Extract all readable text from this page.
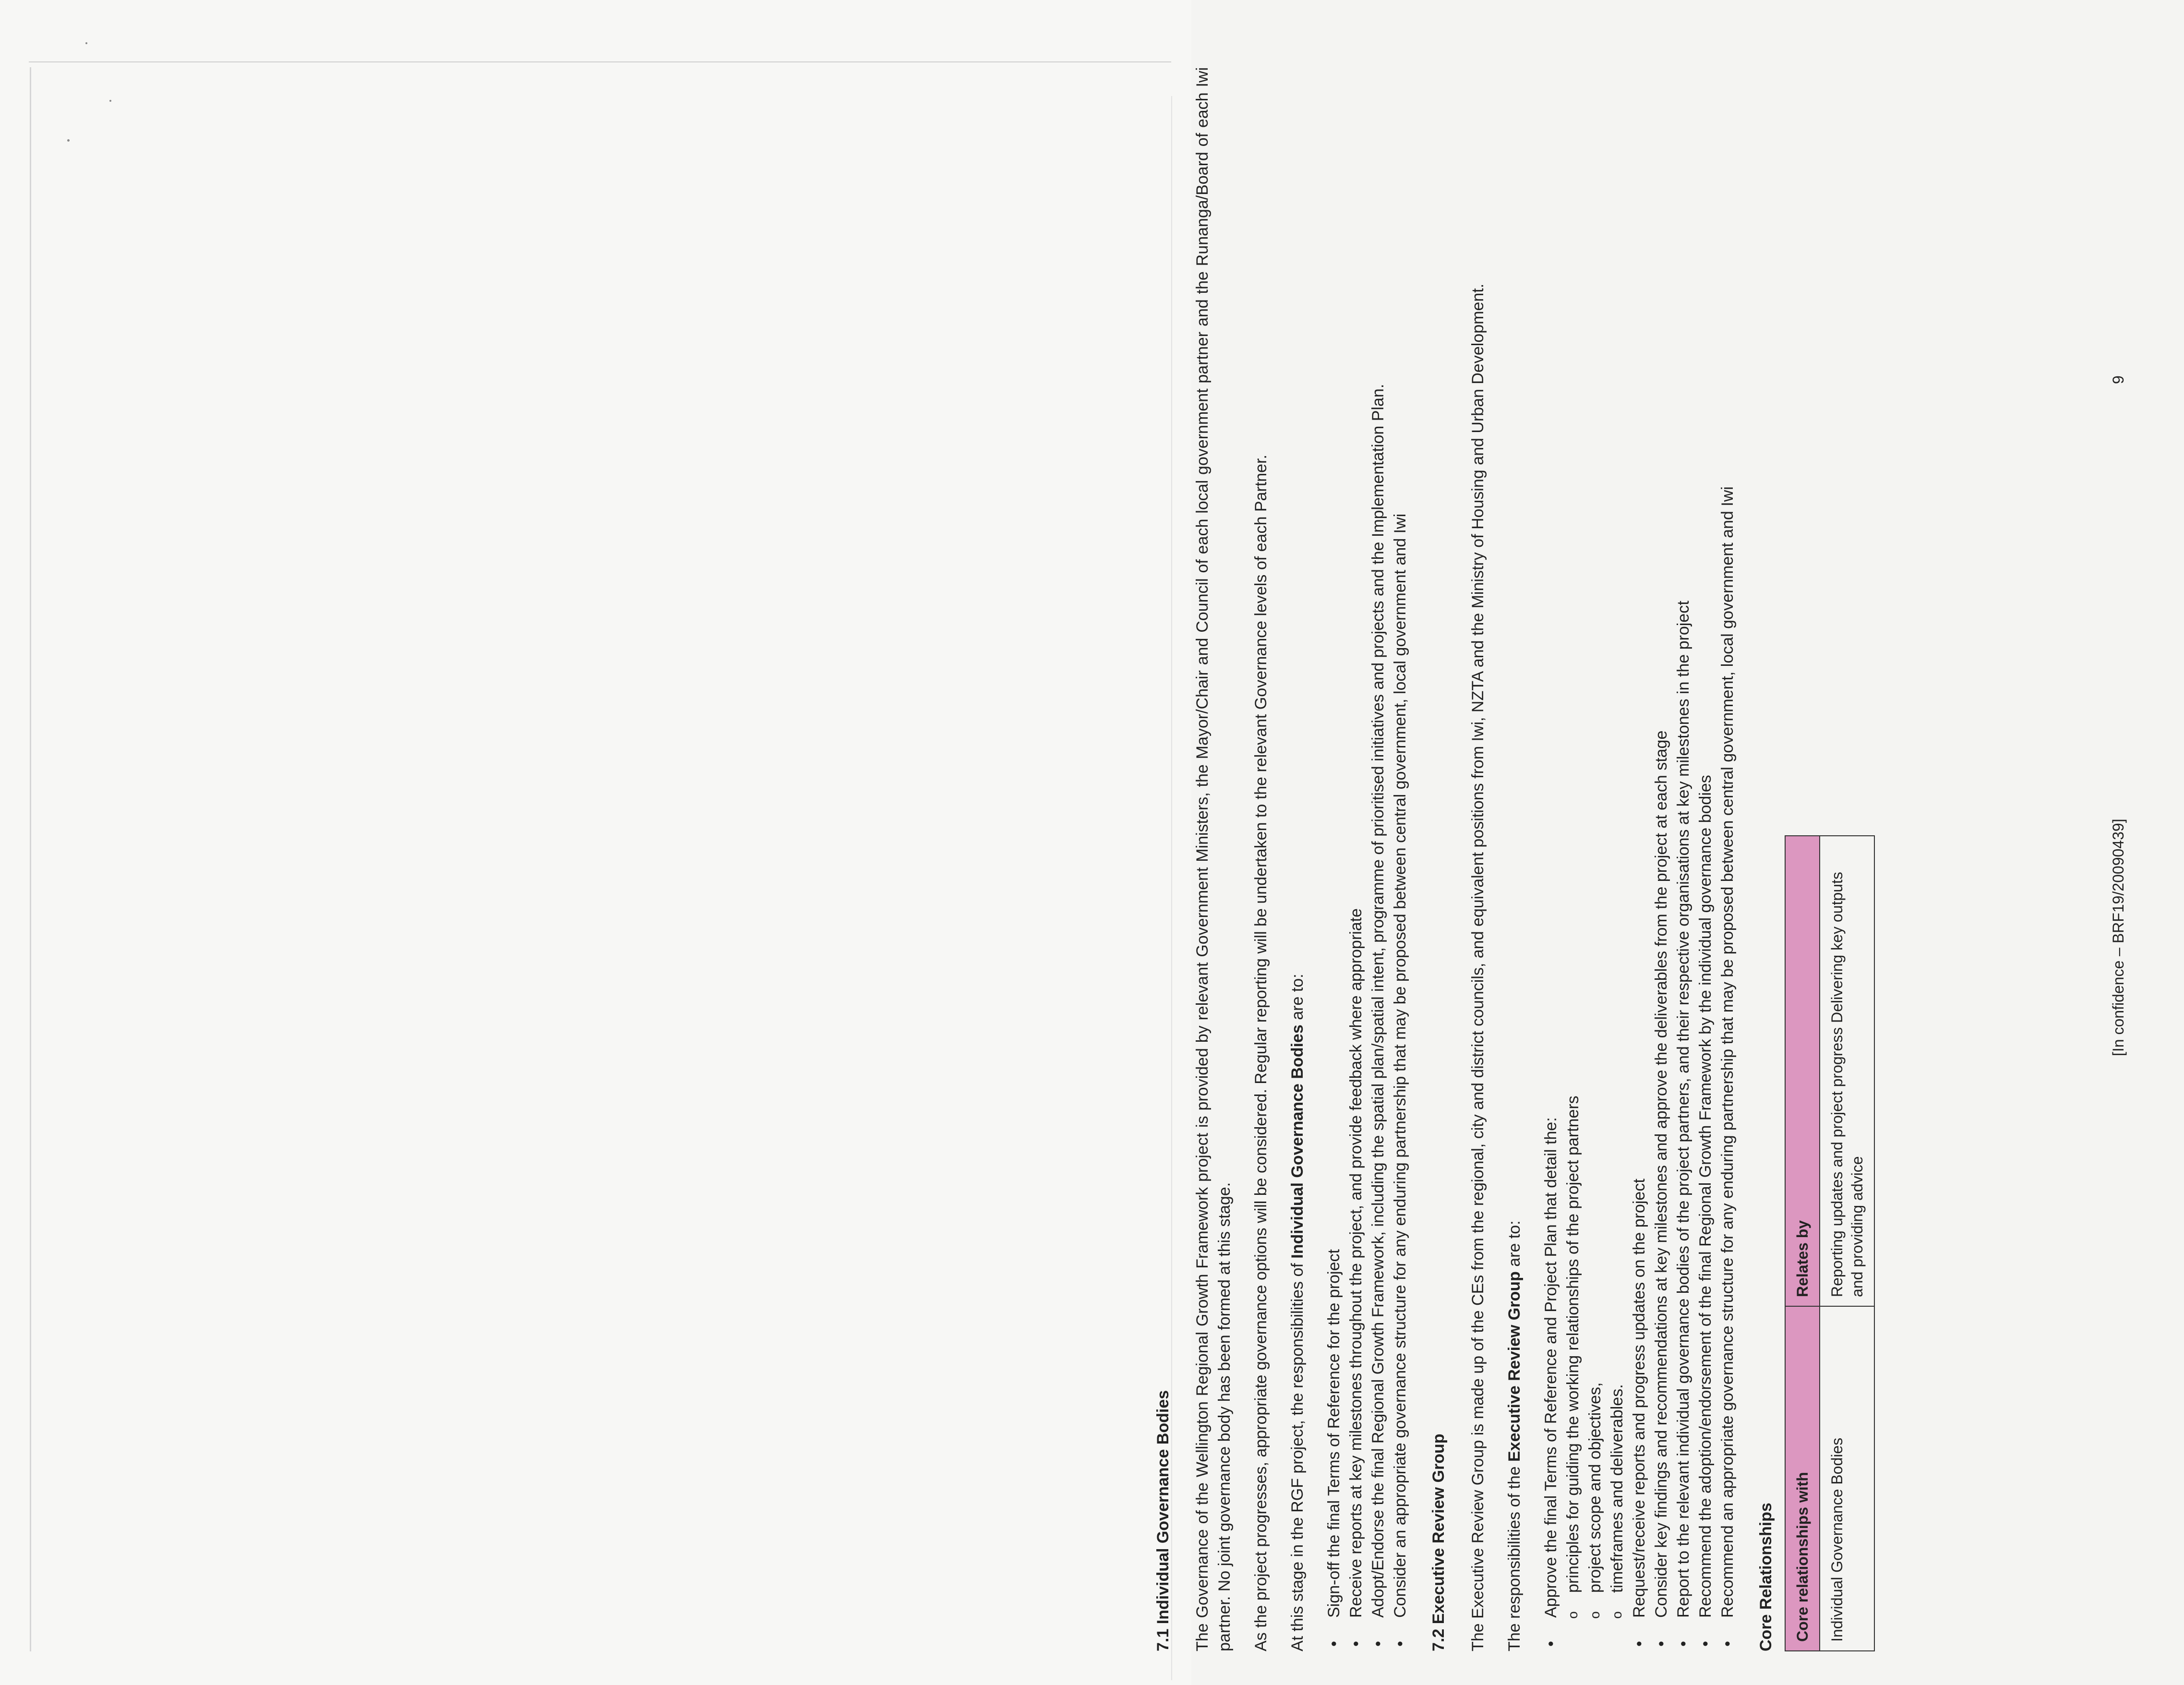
7.1 Individual Governance Bodies The Governance of the Wellington Regional Growth Framework project is provided by relevant Government Ministers, the Mayor/Chair and Council of each local government partner and the Runanga/Board of each Iwi partner. No joint governance body has been formed at this stage. As the project progresses, appropriate governance options will be considered. Regular reporting will be undertaken to the relevant Governance levels of each Partner. At this stage in the RGF project, the responsibilities of Individual Governance Bodies are to:

• Sign-off the final Terms of Reference for the project • Receive reports at key milestones throughout the project, and provide feedback where appropriate • Adopt/Endorse the final Regional Growth Framework, including the spatial plan/spatial intent, programme of prioritised initiatives and projects and the Implementation Plan. • Consider an appropriate governance structure for any enduring partnership that may be proposed between central government, local government and Iwi 7.2 Executive Review Group The Executive Review Group is made up of the CEs from the regional, city and district councils, and equivalent positions from Iwi, NZTA and the Ministry of Housing and Urban Development. The responsibilities of the Executive Review Group are to: • Approve the final Terms of Reference and Project Plan that detail the: o principles for guiding the working relationships of the project partners o project scope and objectives, o timeframes and deliverables. • Request/receive reports and progress updates on the project • Consider key findings and recommendations at key milestones and approve the deliverables from the project at each stage • Report to the relevant individual governance bodies of the project partners, and their respective organisations at key milestones in the project • Recommend the adoption/endorsement of the final Regional Growth Framework by the individual governance bodies • Recommend an appropriate governance structure for any enduring partnership that may be proposed between central government, local government and Iwi Core Relationships Core relationships with	Relates by
Individual Governance Bodies	Reporting updates and project progress Delivering key outputs and providing advice
[In confidence – BRF19/20090439]
9
